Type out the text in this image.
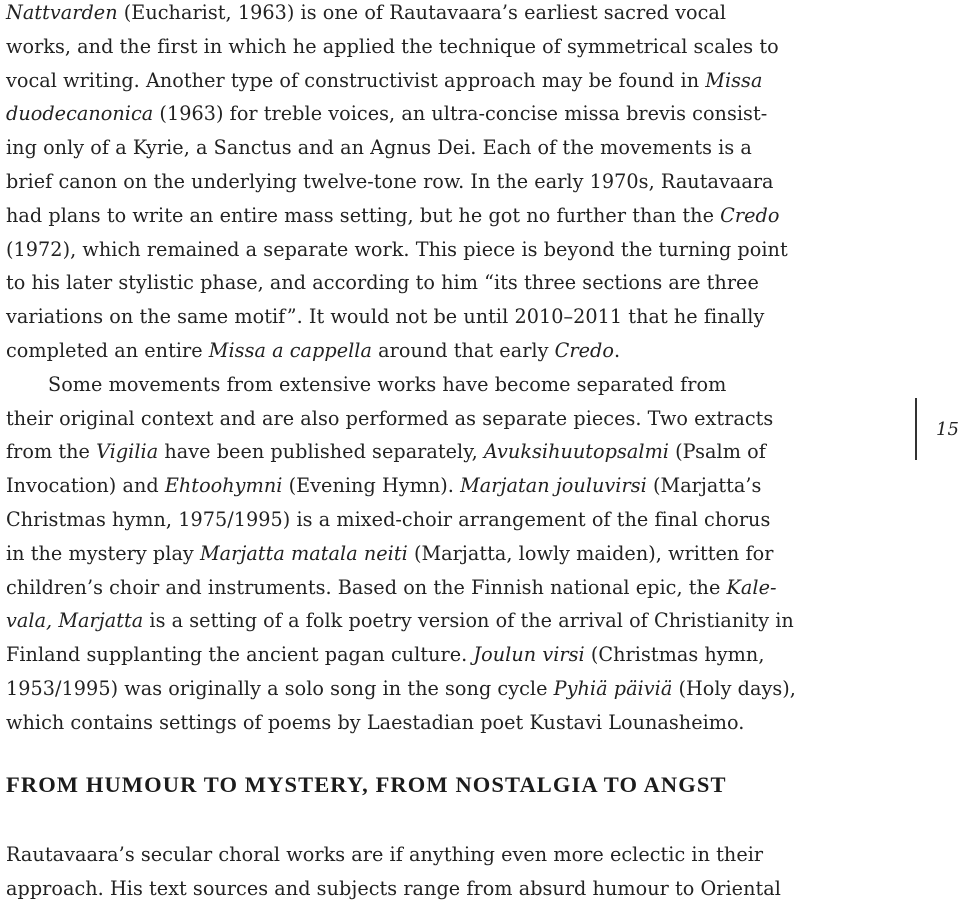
Nattvarden (Eucharist, 1963) is one of Rautavaara’s earliest sacred vocal
works, and the first in which he applied the technique of symmetrical scales to
vocal writing. Another type of constructivist approach may be found in Missa
duodecanonica (1963) for treble voices, an ultra-concise missa brevis consist-
ing only of a Kyrie, a Sanctus and an Agnus Dei. Each of the movements is a
brief canon on the underlying twelve-tone row. In the early 1970s, Rautavaara
had plans to write an entire mass setting, but he got no further than the Credo
(1972), which remained a separate work. This piece is beyond the turning point
to his later stylistic phase, and according to him “its three sections are three
variations on the same motif”. It would not be until 2010–2011 that he finally
completed an entire Missa a cappella around that early Credo.
Some movements from extensive works have become separated from
their original context and are also performed as separate pieces. Two extracts
from the Vigilia have been published separately, Avuksihuutopsalmi (Psalm of
Invocation) and Ehtoohymni (Evening Hymn). Marjatan jouluvirsi (Marjatta’s
Christmas hymn, 1975/1995) is a mixed-choir arrangement of the final chorus
in the mystery play Marjatta matala neiti (Marjatta, lowly maiden), written for
children’s choir and instruments. Based on the Finnish national epic, the Kale-
vala, Marjatta is a setting of a folk poetry version of the arrival of Christianity in
Finland supplanting the ancient pagan culture. Joulun virsi (Christmas hymn,
1953/1995) was originally a solo song in the song cycle Pyhiä päiviä (Holy days),
which contains settings of poems by Laestadian poet Kustavi Lounasheimo.
FROM HUMOUR TO MYSTERY, FROM NOSTALGIA TO ANGST
Rautavaara’s secular choral works are if anything even more eclectic in their
approach. His text sources and subjects range from absurd humour to Oriental
15
